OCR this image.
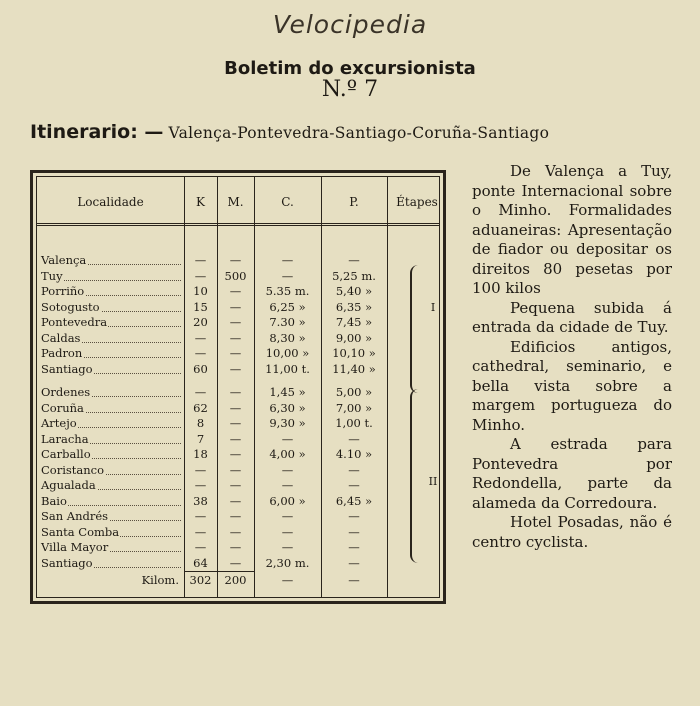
Velocipedia
Boletim do excursionista
N.º 7
Itinerario: — Valença-Pontevedra-Santiago-Coruña-Santiago
Localidade	K	M.	C.	P.	Étapes
I
II
Valença	—	—	—	—
Tuy	—	500	—	5,25 m.
Porriño	10	—	5.35 m.	5,40 »
Sotogusto	15	—	6,25 »	6,35 »
Pontevedra	20	—	7.30 »	7,45 »
Caldas	—	—	8,30 »	9,00 »
Padron	—	—	10,00 »	10,10 »
Santiago	60	—	11,00 t.	11,40 »
Ordenes	—	—	1,45 »	5,00 »
Coruña	62	—	6,30 »	7,00 »
Artejo	8	—	9,30 »	1,00 t.
Laracha	7	—	—	—
Carballo	18	—	4,00 »	4.10 »
Coristanco	—	—	—	—
Agualada	—	—	—	—
Baio	38	—	6,00 »	6,45 »
San Andrés	—	—	—	—
Santa Comba	—	—	—	—
Villa Mayor	—	—	—	—
Santiago	64	—	2,30 m.	—
Kilom. 302	200	—	—

De Valença a Tuy, ponte Internacional sobre o Minho. Formalidades aduaneiras: Apresentação de fiador ou depositar os direitos 80 pesetas por 100 kilos

Pequena subida á entrada da cidade de Tuy.

Edificios antigos, cathedral, seminario, e bella vista sobre a margem portugueza do Minho.

A estrada para Pontevedra por Redondella, parte da alameda da Corredoura.

Hotel Posadas, não é centro cyclista.
